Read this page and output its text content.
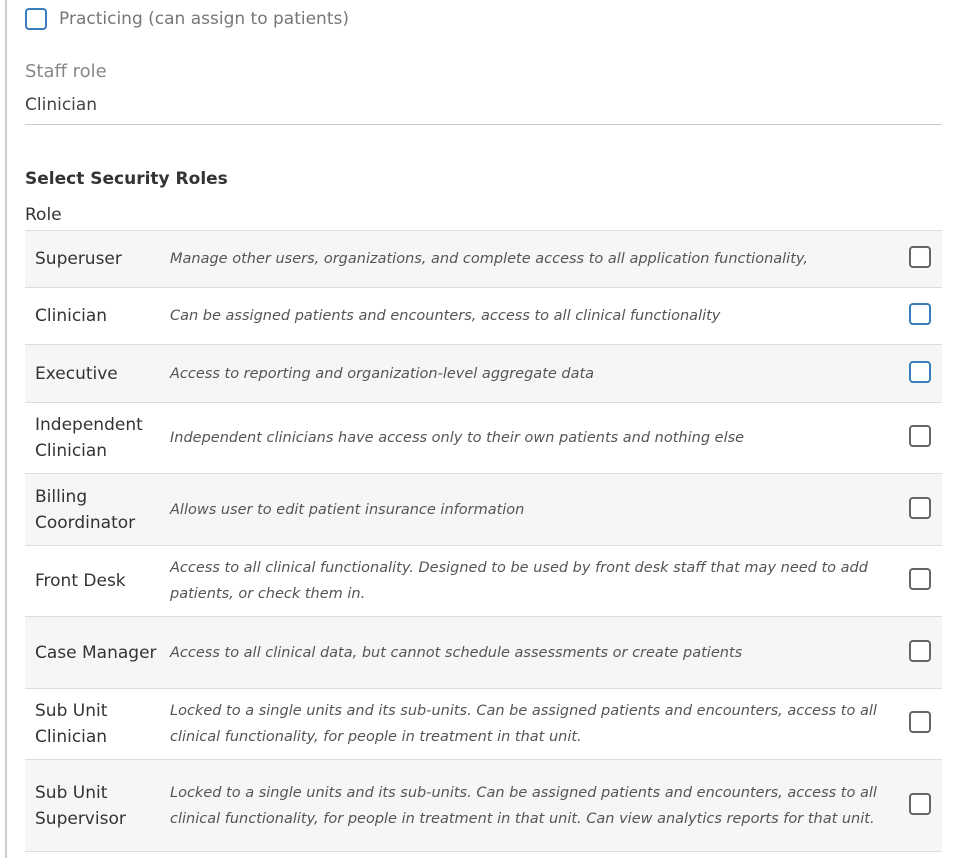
Practicing (can assign to patients)
Staff role
Clinician
Select Security Roles
Role
Superuser	Manage other users, organizations, and complete access to all application functionality,	
Clinician	Can be assigned patients and encounters, access to all clinical functionality	
Executive	Access to reporting and organization-level aggregate data	
Independent Clinician	Independent clinicians have access only to their own patients and nothing else	
Billing Coordinator	Allows user to edit patient insurance information	
Front Desk	Access to all clinical functionality. Designed to be used by front desk staff that may need to add patients, or check them in.	
Case Manager	Access to all clinical data, but cannot schedule assessments or create patients	
Sub Unit Clinician	Locked to a single units and its sub-units. Can be assigned patients and encounters, access to all clinical functionality, for people in treatment in that unit.	
Sub Unit Supervisor	Locked to a single units and its sub-units. Can be assigned patients and encounters, access to all clinical functionality, for people in treatment in that unit. Can view analytics reports for that unit.	
